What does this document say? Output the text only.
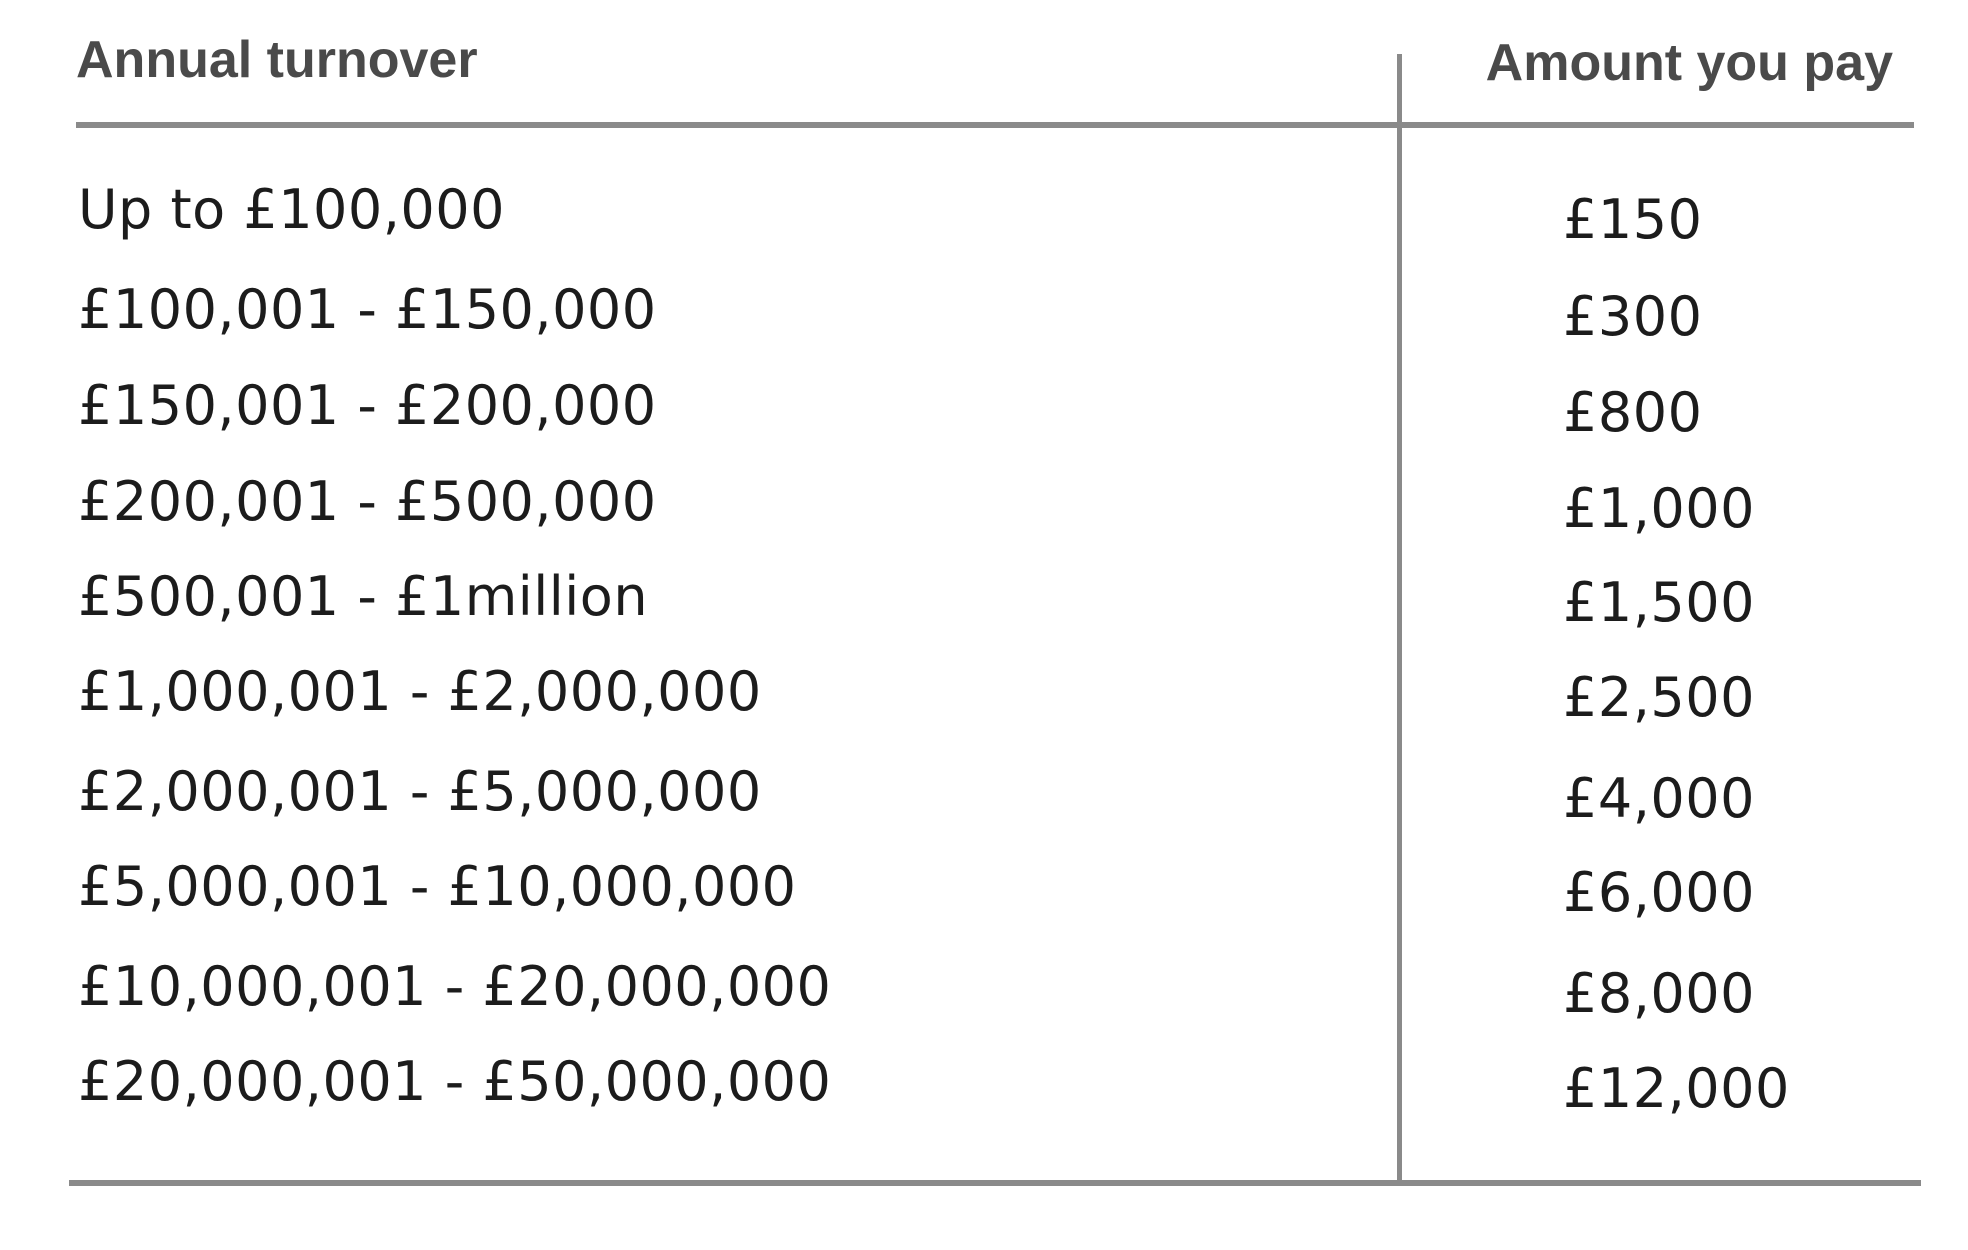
Annual turnover	Amount you pay
Up to £100,000	£150
£100,001 - £150,000	£300
£150,001 - £200,000	£800
£200,001 - £500,000	£1,000
£500,001 - £1million	£1,500
£1,000,001 - £2,000,000	£2,500
£2,000,001 - £5,000,000	£4,000
£5,000,001 - £10,000,000	£6,000
£10,000,001 - £20,000,000	£8,000
£20,000,001 - £50,000,000	£12,000
